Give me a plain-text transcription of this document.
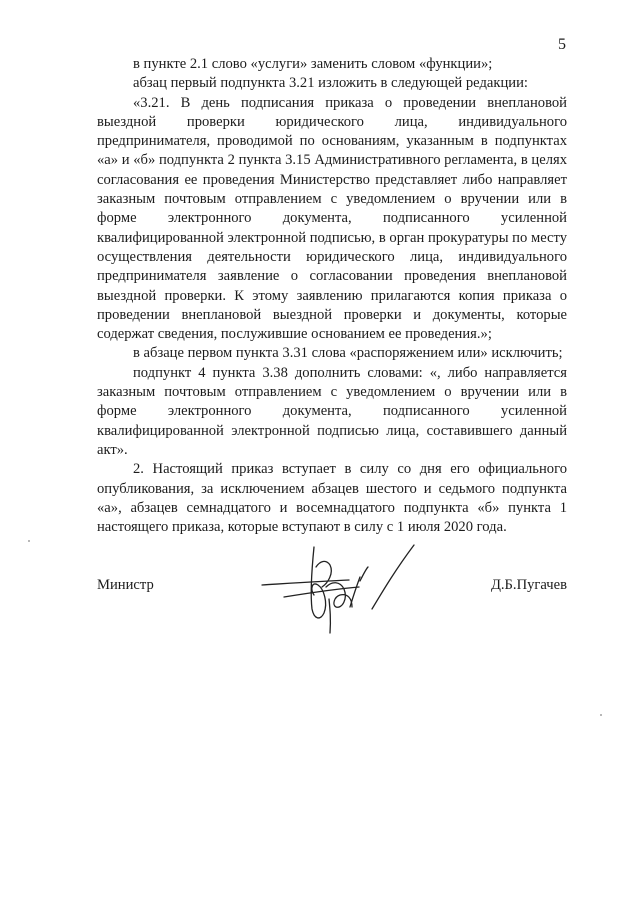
5

в пункте 2.1 слово «услуги» заменить словом «функции»;

абзац первый подпункта 3.21 изложить в следующей редакции:

«3.21. В день подписания приказа о проведении внеплановой выездной проверки юридического лица, индивидуального предпринимателя, проводимой по основаниям, указанным в подпунктах «а» и «б» подпункта 2 пункта 3.15 Административного регламента, в целях согласования ее проведения Министерство представляет либо направляет заказным почтовым отправлением с уведомлением о вручении или в форме электронного документа, подписанного усиленной квалифицированной электронной подписью, в орган прокуратуры по месту осуществления деятельности юридического лица, индивидуального предпринимателя заявление о согласовании проведения внеплановой выездной проверки. К этому заявлению прилагаются копия приказа о проведении внеплановой выездной проверки и документы, которые содержат сведения, послужившие основанием ее проведения.»;

в абзаце первом пункта 3.31 слова «распоряжением или» исключить;

подпункт 4 пункта 3.38 дополнить словами: «, либо направляется заказным почтовым отправлением с уведомлением о вручении или в форме электронного документа, подписанного усиленной квалифицированной электронной подписью лица, составившего данный акт».

2. Настоящий приказ вступает в силу со дня его официального опубликования, за исключением абзацев шестого и седьмого подпункта «а», абзацев семнадцатого и восемнадцатого подпункта «б» пункта 1 настоящего приказа, которые вступают в силу с 1 июля 2020 года.

Министр	Д.Б.Пугачев
